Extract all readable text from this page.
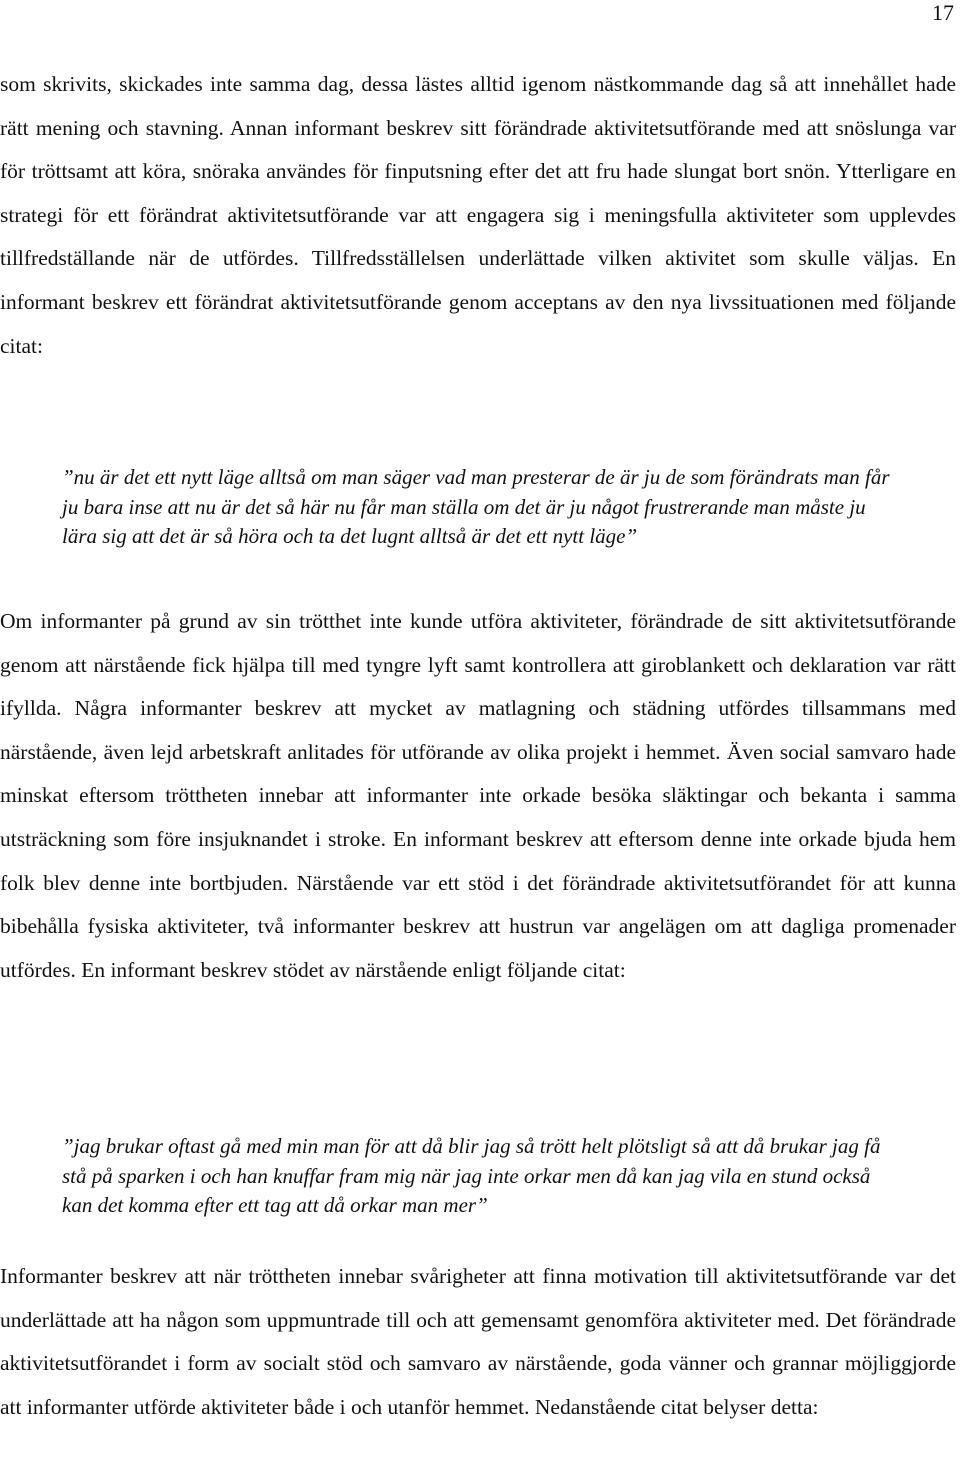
17

som skrivits, skickades inte samma dag, dessa lästes alltid igenom nästkommande dag så att innehållet hade rätt mening och stavning. Annan informant beskrev sitt förändrade aktivitetsutförande med att snöslunga var för tröttsamt att köra, snöraka användes för finputsning efter det att fru hade slungat bort snön. Ytterligare en strategi för ett förändrat aktivitetsutförande var att engagera sig i meningsfulla aktiviteter som upplevdes tillfredställande när de utfördes. Tillfredsställelsen underlättade vilken aktivitet som skulle väljas. En informant beskrev ett förändrat aktivitetsutförande genom acceptans av den nya livssituationen med följande citat:

”nu är det ett nytt läge alltså om man säger vad man presterar de är ju de som förändrats man får ju bara inse att nu är det så här nu får man ställa om det är ju något frustrerande man måste ju lära sig att det är så höra och ta det lugnt alltså är det ett nytt läge”

Om informanter på grund av sin trötthet inte kunde utföra aktiviteter, förändrade de sitt aktivitetsutförande genom att närstående fick hjälpa till med tyngre lyft samt kontrollera att giroblankett och deklaration var rätt ifyllda. Några informanter beskrev att mycket av matlagning och städning utfördes tillsammans med närstående, även lejd arbetskraft anlitades för utförande av olika projekt i hemmet. Även social samvaro hade minskat eftersom tröttheten innebar att informanter inte orkade besöka släktingar och bekanta i samma utsträckning som före insjuknandet i stroke. En informant beskrev att eftersom denne inte orkade bjuda hem folk blev denne inte bortbjuden. Närstående var ett stöd i det förändrade aktivitetsutförandet för att kunna bibehålla fysiska aktiviteter, två informanter beskrev att hustrun var angelägen om att dagliga promenader utfördes. En informant beskrev stödet av närstående enligt följande citat:

”jag brukar oftast gå med min man för att då blir jag så trött helt plötsligt så att då brukar jag få stå på sparken i och han knuffar fram mig när jag inte orkar men då kan jag vila en stund också kan det komma efter ett tag att då orkar man mer”

Informanter beskrev att när tröttheten innebar svårigheter att finna motivation till aktivitetsutförande var det underlättade att ha någon som uppmuntrade till och att gemensamt genomföra aktiviteter med. Det förändrade aktivitetsutförandet i form av socialt stöd och samvaro av närstående, goda vänner och grannar möjliggjorde att informanter utförde aktiviteter både i och utanför hemmet. Nedanstående citat belyser detta:
